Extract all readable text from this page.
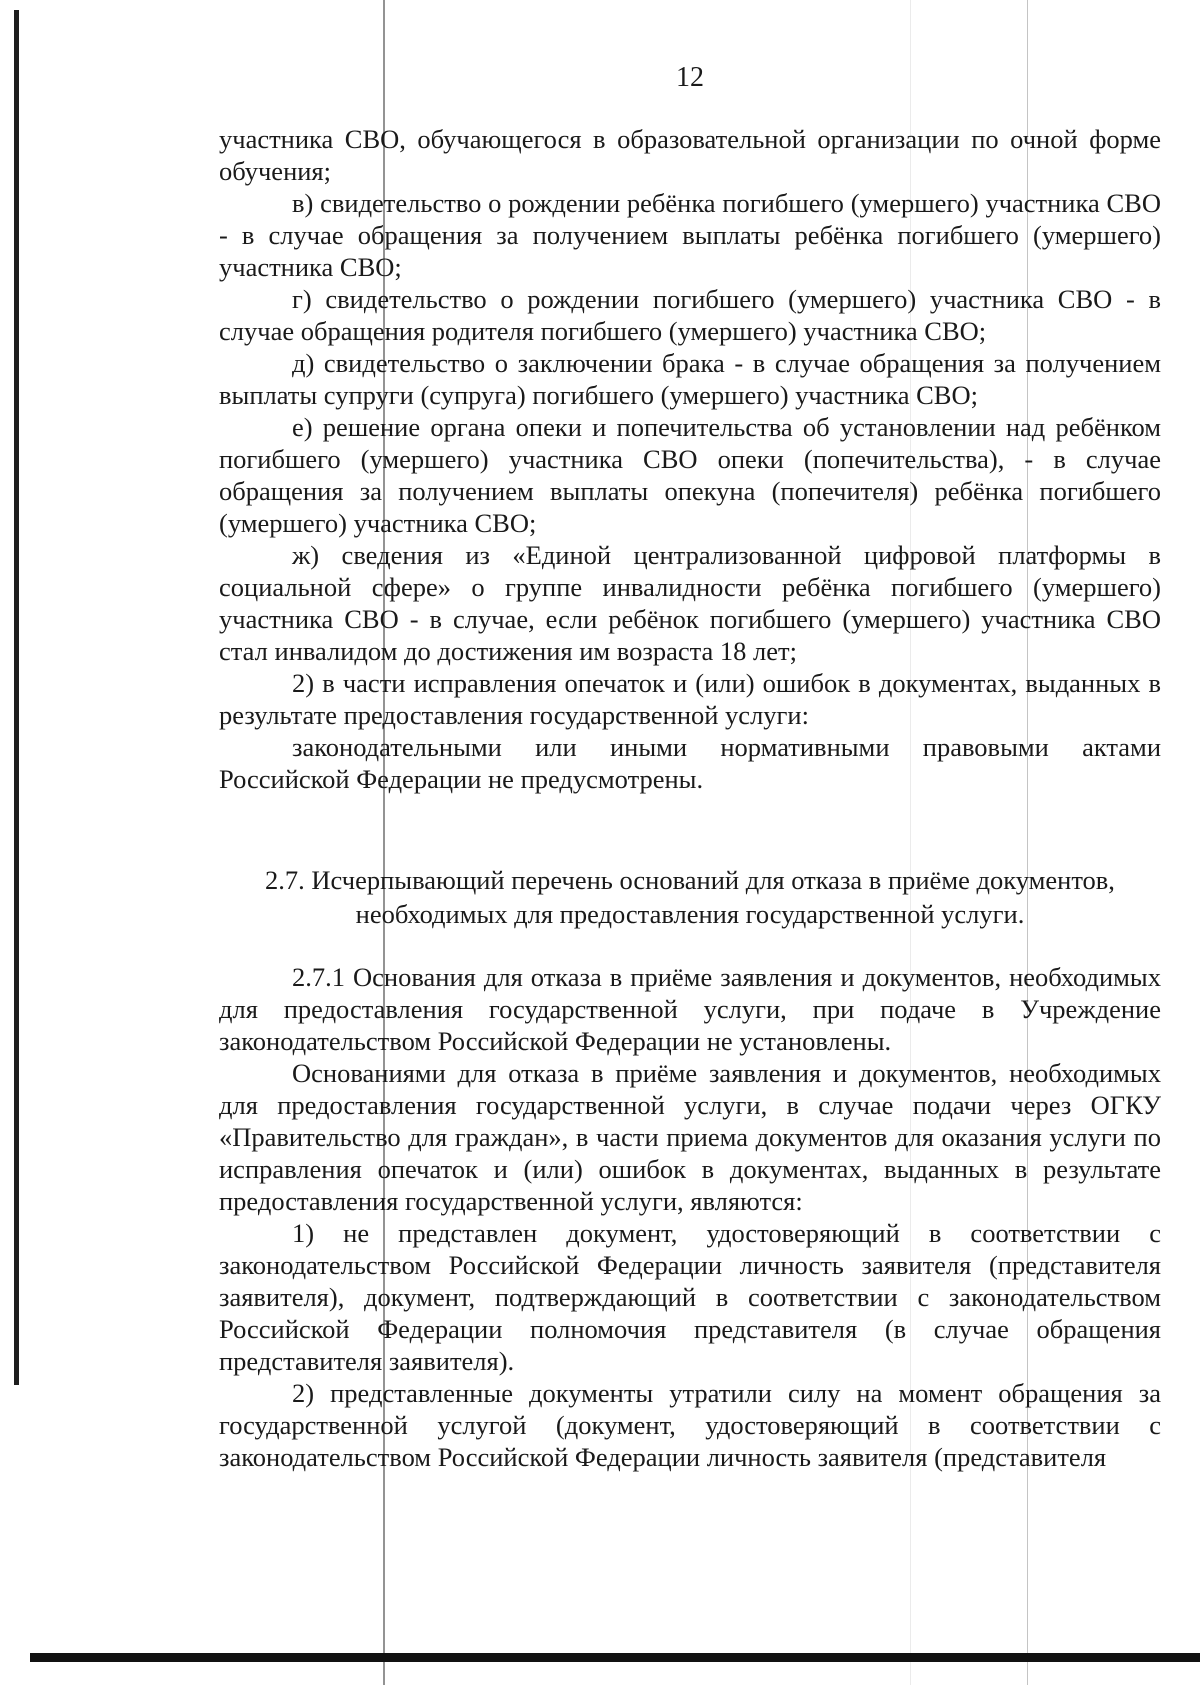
12

участника СВО, обучающегося в образовательной организации по очной форме обучения;

в) свидетельство о рождении ребёнка погибшего (умершего) участника СВО - в случае обращения за получением выплаты ребёнка погибшего (умершего) участника СВО;

г) свидетельство о рождении погибшего (умершего) участника СВО - в случае обращения родителя погибшего (умершего) участника СВО;

д) свидетельство о заключении брака - в случае обращения за получением выплаты супруги (супруга) погибшего (умершего) участника СВО;

е) решение органа опеки и попечительства об установлении над ребёнком погибшего (умершего) участника СВО опеки (попечительства), - в случае обращения за получением выплаты опекуна (попечителя) ребёнка погибшего (умершего) участника СВО;

ж) сведения из «Единой централизованной цифровой платформы в социальной сфере» о группе инвалидности ребёнка погибшего (умершего) участника СВО - в случае, если ребёнок погибшего (умершего) участника СВО стал инвалидом до достижения им возраста 18 лет;

2) в части исправления опечаток и (или) ошибок в документах, выданных в результате предоставления государственной услуги:

законодательными или иными нормативными правовыми актами Российской Федерации не предусмотрены.

2.7. Исчерпывающий перечень оснований для отказа в приёме документов, необходимых для предоставления государственной услуги.

2.7.1 Основания для отказа в приёме заявления и документов, необходимых для предоставления государственной услуги, при подаче в Учреждение законодательством Российской Федерации не установлены.

Основаниями для отказа в приёме заявления и документов, необходимых для предоставления государственной услуги, в случае подачи через ОГКУ «Правительство для граждан», в части приема документов для оказания услуги по исправления опечаток и (или) ошибок в документах, выданных в результате предоставления государственной услуги, являются:

1) не представлен документ, удостоверяющий в соответствии с законодательством Российской Федерации личность заявителя (представителя заявителя), документ, подтверждающий в соответствии с законодательством Российской Федерации полномочия представителя (в случае обращения представителя заявителя).

2) представленные документы утратили силу на момент обращения за государственной услугой (документ, удостоверяющий в соответствии с законодательством Российской Федерации личность заявителя (представителя
